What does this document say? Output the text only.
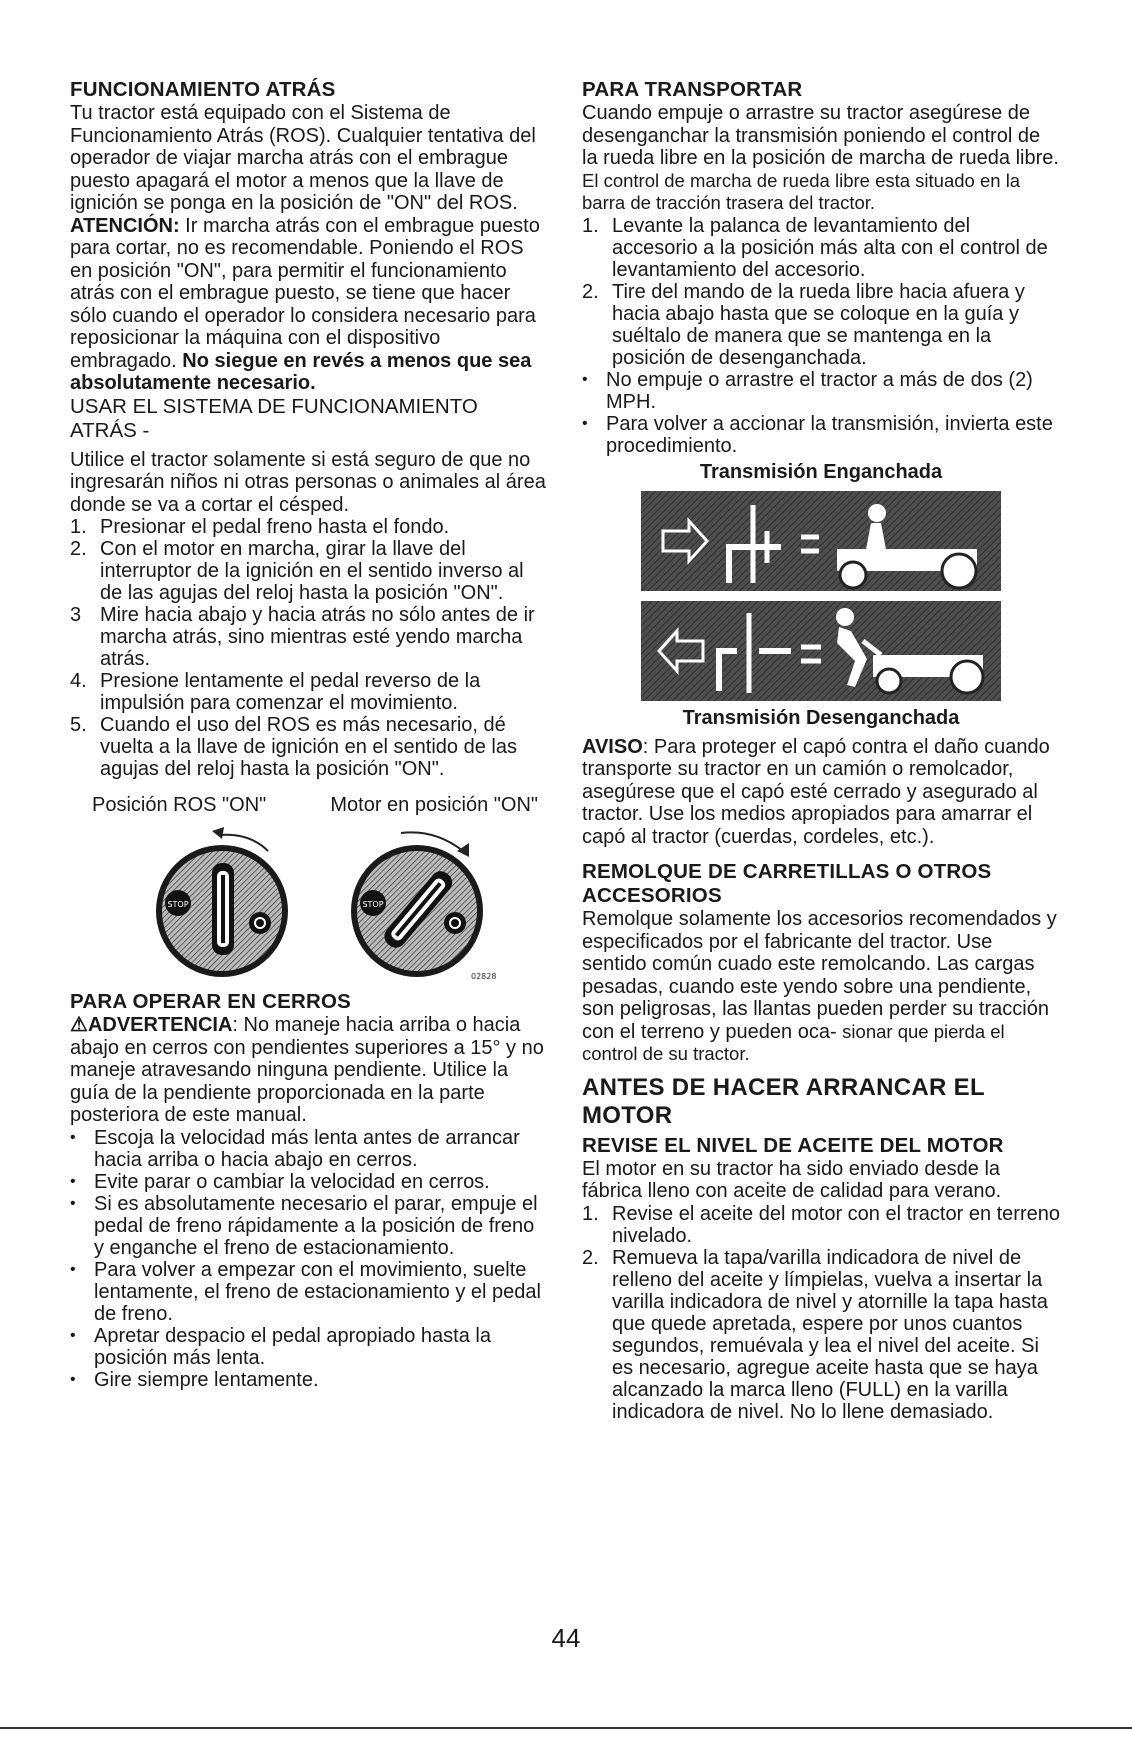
FUNCIONAMIENTO ATRÁS

Tu tractor está equipado con el Sistema de Funcionamiento Atrás (ROS). Cualquier tentativa del operador de viajar marcha atrás con el embrague puesto apagará el motor a menos que la llave de ignición se ponga en la posición de "ON" del ROS.

ATENCIÓN: Ir marcha atrás con el embrague puesto para cortar, no es recomendable. Poniendo el ROS en posición "ON", para permitir el funcionamiento atrás con el embrague puesto, se tiene que hacer sólo cuando el operador lo considera necesario para reposicionar la máquina con el dispositivo embragado. No siegue en revés a menos que sea absolutamente necesario.

USAR EL SISTEMA DE FUNCIONAMIENTO ATRÁS -

Utilice el tractor solamente si está seguro de que no ingresarán niños ni otras personas o animales al área donde se va a cortar el césped.

1. Presionar el pedal freno hasta el fondo.
2. Con el motor en marcha, girar la llave del interruptor de la ignición en el sentido inverso al de las agujas del reloj hasta la posición "ON".
3 Mire hacia abajo y hacia atrás no sólo antes de ir marcha atrás, sino mientras esté yendo marcha atrás.
4. Presione lentamente el pedal reverso de la impulsión para comenzar el movimiento.
5. Cuando el uso del ROS es más necesario, dé vuelta a la llave de ignición en el sentido de las agujas del reloj hasta la posición "ON".
Posición ROS "ON"	Motor en posición "ON"
STOP	STOP
02828
PARA OPERAR EN CERROS

⚠ADVERTENCIA: No maneje hacia arriba o hacia abajo en cerros con pendientes superiores a 15° y no maneje atravesando ninguna pendiente. Utilice la guía de la pendiente proporcionada en la parte posteriora de este manual.

• Escoja la velocidad más lenta antes de arrancar hacia arriba o hacia abajo en cerros.
• Evite parar o cambiar la velocidad en cerros.
• Si es absolutamente necesario el parar, empuje el pedal de freno rápidamente a la posición de freno y enganche el freno de estacionamiento.
• Para volver a empezar con el movimiento, suelte lentamente, el freno de estacionamiento y el pedal de freno.
• Apretar despacio el pedal apropiado hasta la posición más lenta.
• Gire siempre lentamente.
PARA TRANSPORTAR

Cuando empuje o arrastre su tractor asegúrese de desenganchar la transmisión poniendo el control de la rueda libre en la posición de marcha de rueda libre. El control de marcha de rueda libre esta situado en la barra de tracción trasera del tractor.

1. Levante la palanca de levantamiento del accesorio a la posición más alta con el control de levantamiento del accesorio.
2. Tire del mando de la rueda libre hacia afuera y hacia abajo hasta que se coloque en la guía y suéltalo de manera que se mantenga en la posición de desenganchada.
• No empuje o arrastre el tractor a más de dos (2) MPH.
• Para volver a accionar la transmisión, invierta este procedimiento.

Transmisión Enganchada

Transmisión Desenganchada

AVISO: Para proteger el capó contra el daño cuando transporte su tractor en un camión o remolcador, asegúrese que el capó esté cerrado y asegurado al tractor. Use los medios apropiados para amarrar el capó al tractor (cuerdas, cordeles, etc.).

REMOLQUE DE CARRETILLAS O OTROS ACCESORIOS

Remolque solamente los accesorios recomendados y especificados por el fabricante del tractor. Use sentido común cuado este remolcando. Las cargas pesadas, cuando este yendo sobre una pendiente, son peligrosas, las llantas pueden perder su tracción con el terreno y pueden oca- sionar que pierda el control de su tractor.

ANTES DE HACER ARRANCAR EL MOTOR
REVISE EL NIVEL DE ACEITE DEL MOTOR

El motor en su tractor ha sido enviado desde la fábrica lleno con aceite de calidad para verano.

1. Revise el aceite del motor con el tractor en terreno nivelado.
2. Remueva la tapa/varilla indicadora de nivel de relleno del aceite y límpielas, vuelva a insertar la varilla indicadora de nivel y atornille la tapa hasta que quede apretada, espere por unos cuantos segundos, remuévala y lea el nivel del aceite. Si es necesario, agregue aceite hasta que se haya alcanzado la marca lleno (FULL) en la varilla indicadora de nivel. No lo llene demasiado.
44
